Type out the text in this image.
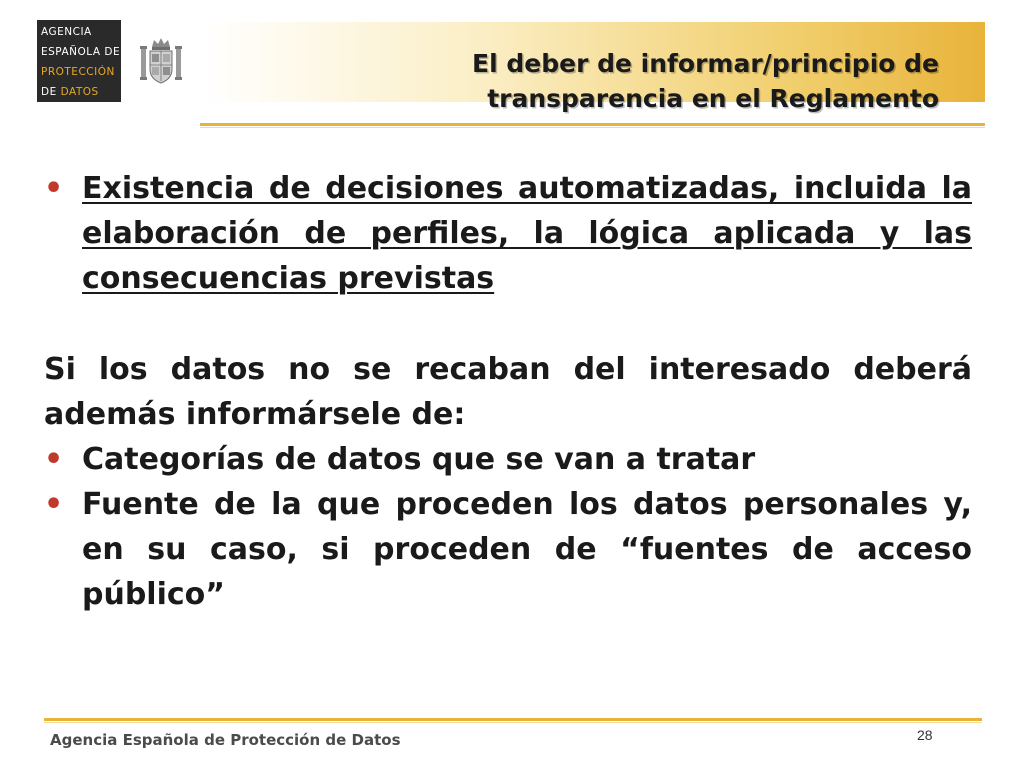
AGENCIA
ESPAÑOLA DE
PROTECCIÓN
DE DATOS
El deber de informar/principio de
transparencia en el Reglamento
• Existencia de decisiones automatizadas, incluida la elaboración de perfiles, la lógica aplicada y las consecuencias previstas
Si los datos no se recaban del interesado deberá además informársele de:
• Categorías de datos que se van a tratar
• Fuente de la que proceden los datos personales y, en su caso, si proceden de “fuentes de acceso público”
Agencia Española de Protección de Datos	28
